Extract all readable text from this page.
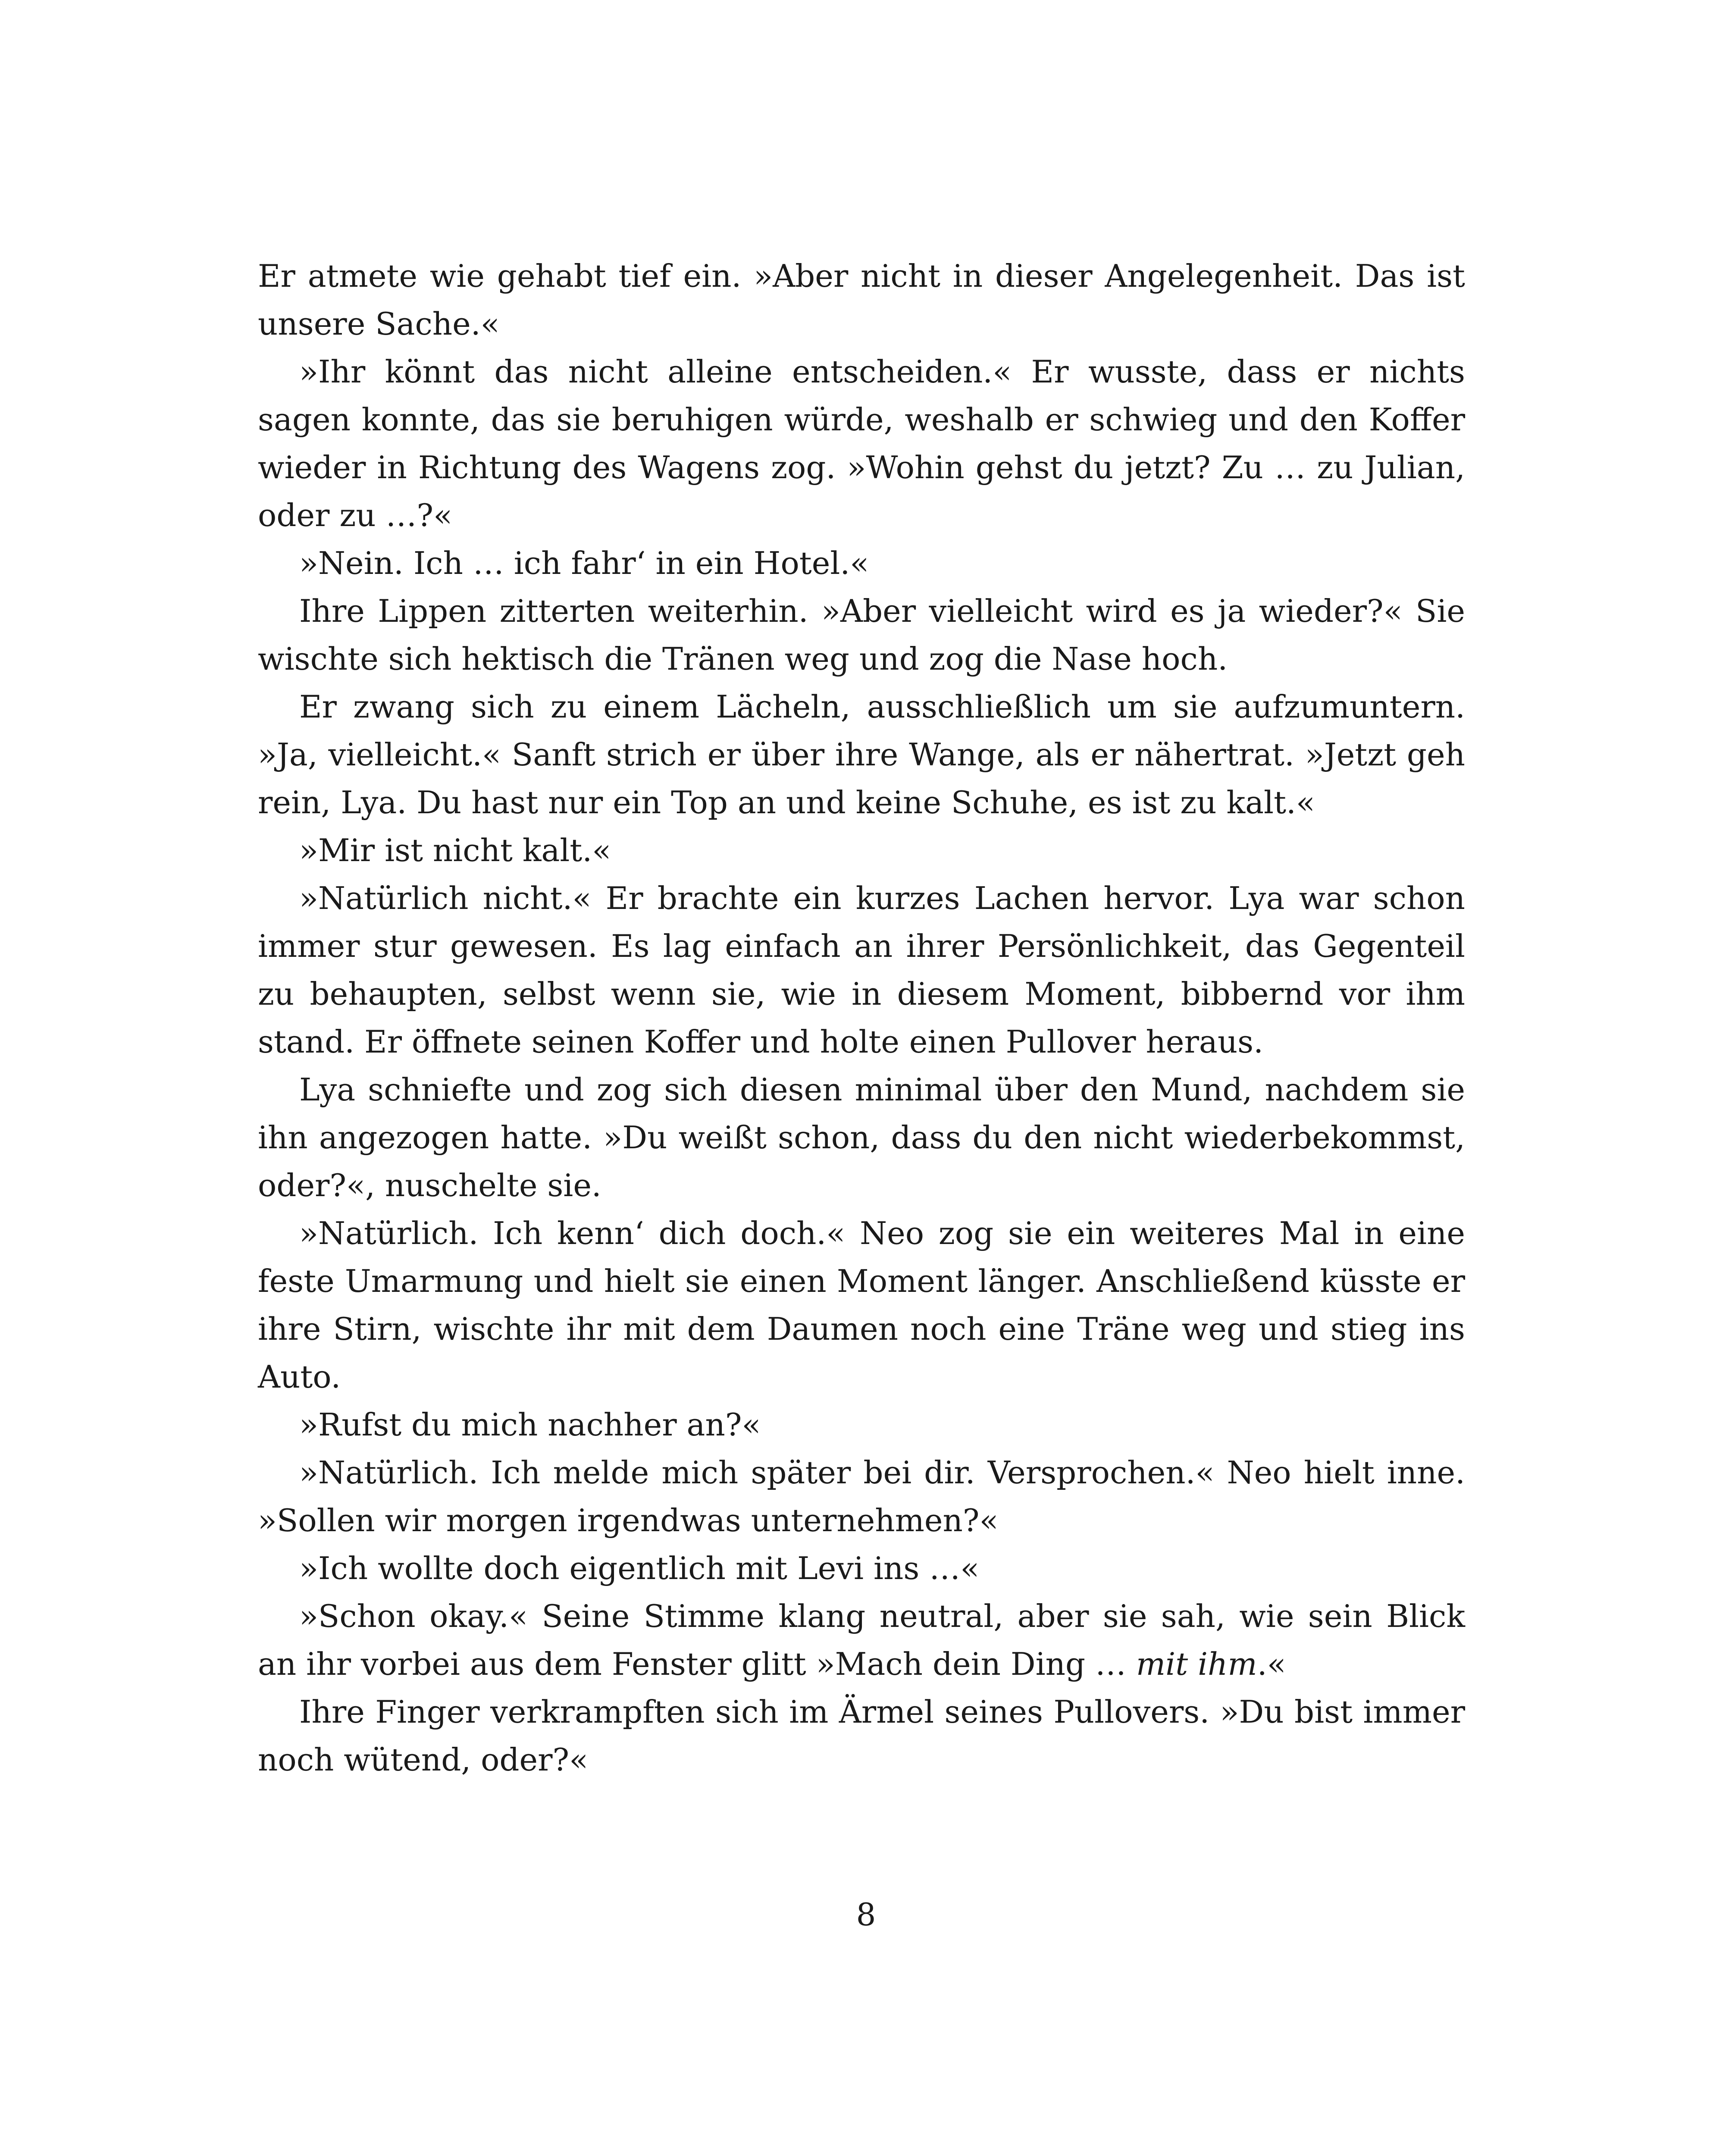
Er atmete wie gehabt tief ein. »Aber nicht in dieser Angelegenheit. Das ist unsere Sache.«

»Ihr könnt das nicht alleine entscheiden.« Er wusste, dass er nichts sagen konnte, das sie beruhigen würde, weshalb er schwieg und den Koffer wieder in Richtung des Wagens zog. »Wohin gehst du jetzt? Zu … zu Julian, oder zu …?«

»Nein. Ich … ich fahr‘ in ein Hotel.«

Ihre Lippen zitterten weiterhin. »Aber vielleicht wird es ja wieder?« Sie wischte sich hektisch die Tränen weg und zog die Nase hoch.

Er zwang sich zu einem Lächeln, ausschließlich um sie aufzumuntern. »Ja, vielleicht.« Sanft strich er über ihre Wange, als er nähertrat. »Jetzt geh rein, Lya. Du hast nur ein Top an und keine Schuhe, es ist zu kalt.«

»Mir ist nicht kalt.«

»Natürlich nicht.« Er brachte ein kurzes Lachen hervor. Lya war schon immer stur gewesen. Es lag einfach an ihrer Persönlichkeit, das Gegenteil zu behaupten, selbst wenn sie, wie in diesem Moment, bibbernd vor ihm stand. Er öffnete seinen Koffer und holte einen Pullover heraus.

Lya schniefte und zog sich diesen minimal über den Mund, nachdem sie ihn angezogen hatte. »Du weißt schon, dass du den nicht wiederbekommst, oder?«, nuschelte sie.

»Natürlich. Ich kenn‘ dich doch.« Neo zog sie ein weiteres Mal in eine feste Umarmung und hielt sie einen Moment länger. Anschließend küsste er ihre Stirn, wischte ihr mit dem Daumen noch eine Träne weg und stieg ins Auto.

»Rufst du mich nachher an?«

»Natürlich. Ich melde mich später bei dir. Versprochen.« Neo hielt inne. »Sollen wir morgen irgendwas unternehmen?«

»Ich wollte doch eigentlich mit Levi ins …«

»Schon okay.« Seine Stimme klang neutral, aber sie sah, wie sein Blick an ihr vorbei aus dem Fenster glitt »Mach dein Ding … mit ihm.«

Ihre Finger verkrampften sich im Ärmel seines Pullovers. »Du bist immer noch wütend, oder?«

8
